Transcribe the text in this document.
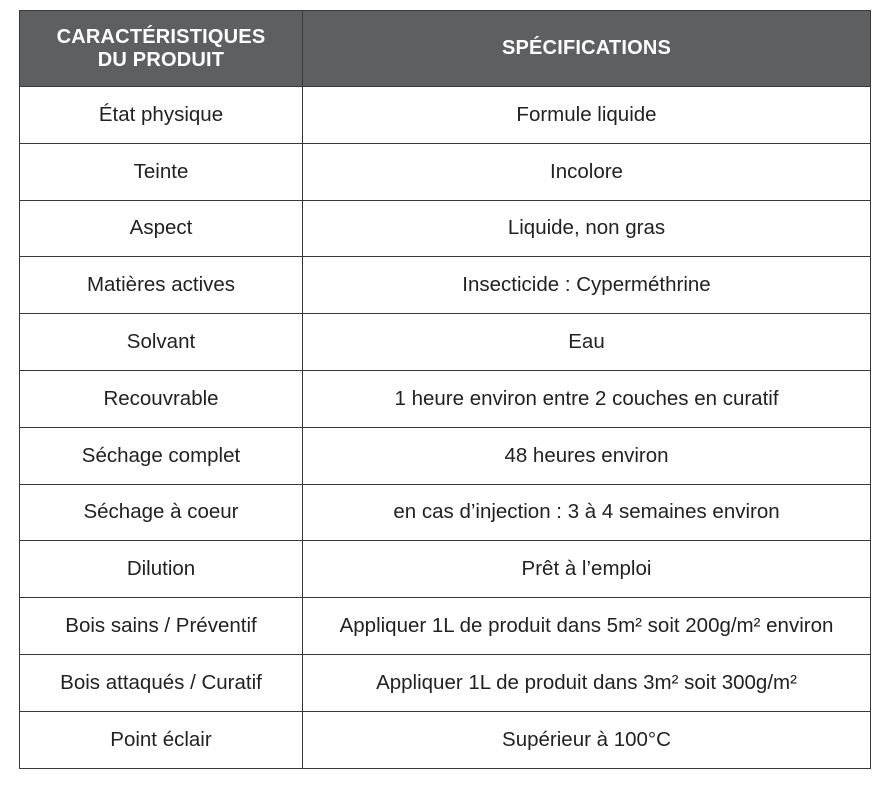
CARACTÉRISTIQUES
DU PRODUIT	SPÉCIFICATIONS
État physique	Formule liquide
Teinte	Incolore
Aspect	Liquide, non gras
Matières actives	Insecticide : Cyperméthrine
Solvant	Eau
Recouvrable	1 heure environ entre 2 couches en curatif
Séchage complet	48 heures environ
Séchage à coeur	en cas d’injection : 3 à 4 semaines environ
Dilution	Prêt à l’emploi
Bois sains / Préventif	Appliquer 1L de produit dans 5m² soit 200g/m² environ
Bois attaqués / Curatif	Appliquer 1L de produit dans 3m² soit 300g/m²
Point éclair	Supérieur à 100°C
